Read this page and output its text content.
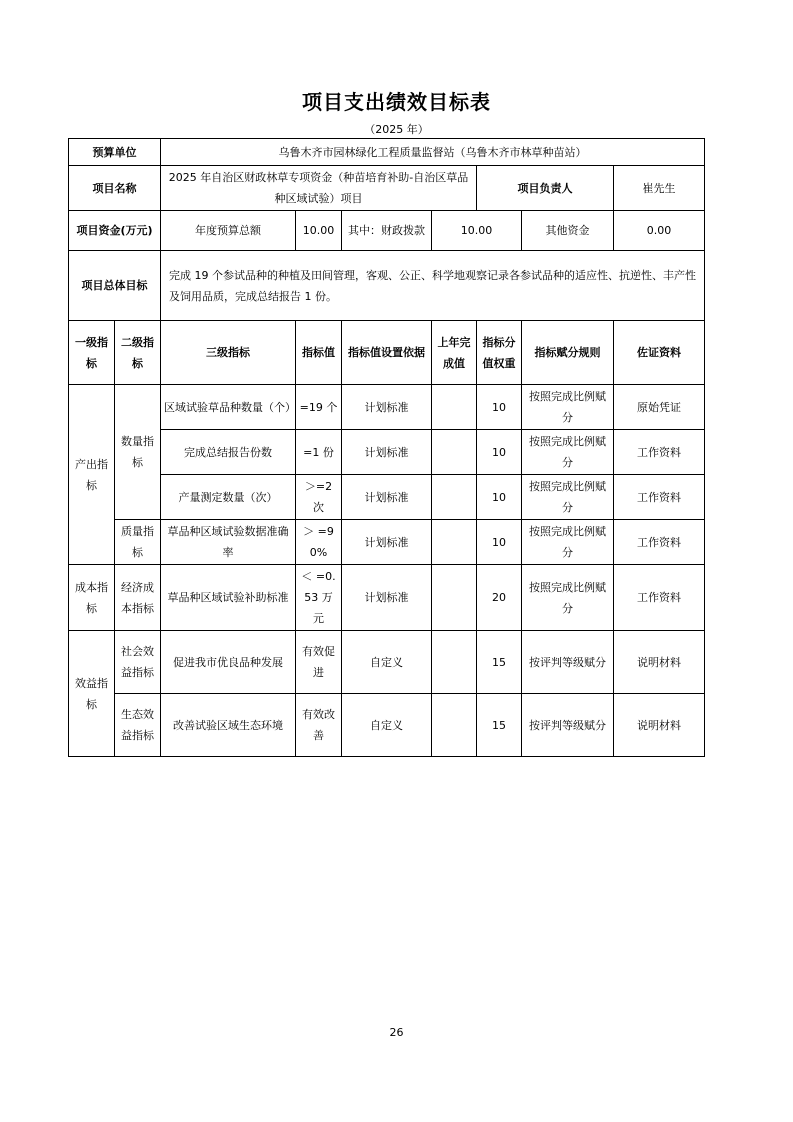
项目支出绩效目标表
（2025 年）
预算单位		乌鲁木齐市园林绿化工程质量监督站（乌鲁木齐市林草种苗站）						
项目名称		2025 年自治区财政林草专项资金（种苗培育补助-自治区草品种区域试验）项目				项目负责人		崔先生
项目资金(万元)		年度预算总额	10.00	其中：财政拨款	10.00		其他资金	0.00
项目总体目标		完成 19 个参试品种的种植及田间管理，客观、公正、科学地观察记录各参试品种的适应性、抗逆性、丰产性及饲用品质，完成总结报告 1 份。						
一级指标	二级指标	三级指标	指标值	指标值设置依据	上年完成值	指标分值权重	指标赋分规则	佐证资料
产出指标	数量指标	区域试验草品种数量（个）	=19 个	计划标准		10	按照完成比例赋分	原始凭证
		完成总结报告份数	=1 份	计划标准		10	按照完成比例赋分	工作资料
		产量测定数量（次）	＞=2 次	计划标准		10	按照完成比例赋分	工作资料
	质量指标	草品种区域试验数据准确率	＞ =90%	计划标准		10	按照完成比例赋分	工作资料
成本指标	经济成本指标	草品种区域试验补助标准	＜ =0.53 万元	计划标准		20	按照完成比例赋分	工作资料
效益指标	社会效益指标	促进我市优良品种发展	有效促进	自定义		15	按评判等级赋分	说明材料
	生态效益指标	改善试验区域生态环境	有效改善	自定义		15	按评判等级赋分	说明材料
26
